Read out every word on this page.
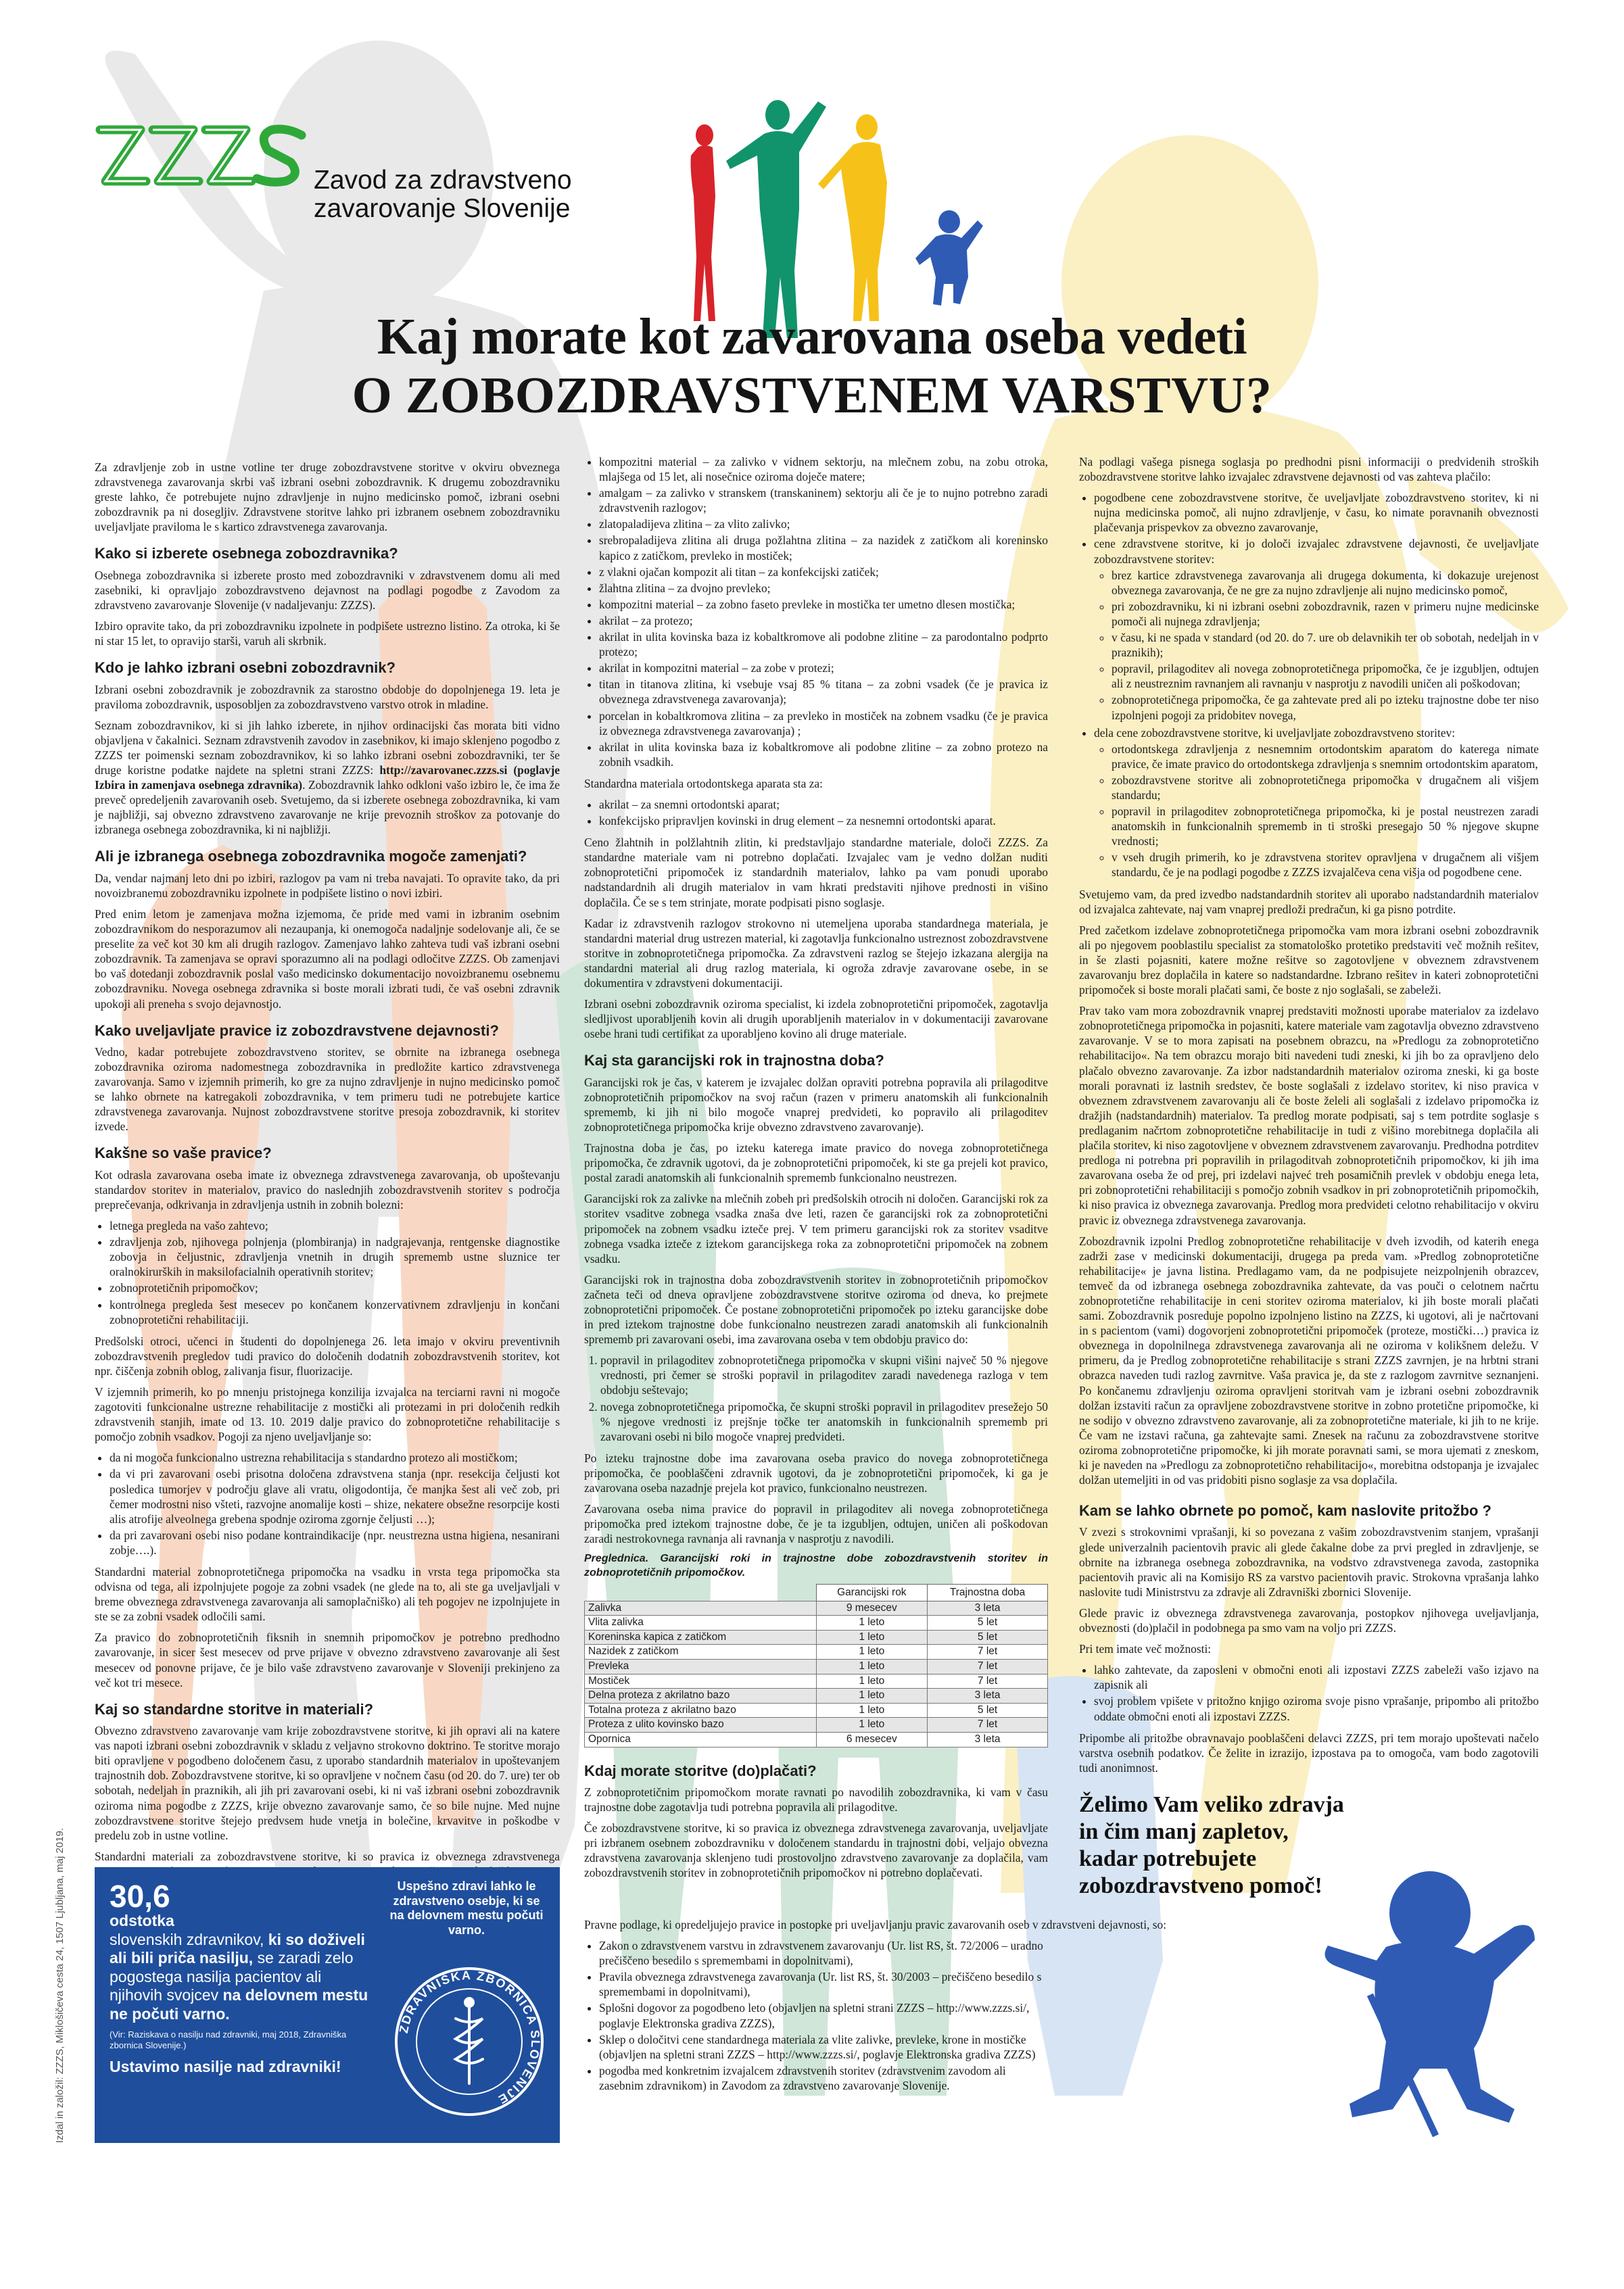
ZZZS
Zavod za zdravstveno
zavarovanje Slovenije
Kaj morate kot zavarovana oseba vedeti
O ZOBOZDRAVSTVENEM VARSTVU?

Za zdravljenje zob in ustne votline ter druge zobozdravstvene storitve v okviru obveznega zdravstvenega zavarovanja skrbi vaš izbrani osebni zobozdravnik. K drugemu zobozdravniku greste lahko, če potrebujete nujno zdravljenje in nujno medicinsko pomoč, izbrani osebni zobozdravnik pa ni dosegljiv. Zdravstvene storitve lahko pri izbranem osebnem zobozdravniku uveljavljate praviloma le s kartico zdravstvenega zavarovanja.

Kako si izberete osebnega zobozdravnika?

Osebnega zobozdravnika si izberete prosto med zobozdravniki v zdravstvenem domu ali med zasebniki, ki opravljajo zobozdravstveno dejavnost na podlagi pogodbe z Zavodom za zdravstveno zavarovanje Slovenije (v nadaljevanju: ZZZS).

Izbiro opravite tako, da pri zobozdravniku izpolnete in podpišete ustrezno listino. Za otroka, ki še ni star 15 let, to opravijo starši, varuh ali skrbnik.

Kdo je lahko izbrani osebni zobozdravnik?

Izbrani osebni zobozdravnik je zobozdravnik za starostno obdobje do dopolnjenega 19. leta je praviloma zobozdravnik, usposobljen za zobozdravstveno varstvo otrok in mladine.

Seznam zobozdravnikov, ki si jih lahko izberete, in njihov ordinacijski čas morata biti vidno objavljena v čakalnici. Seznam zdravstvenih zavodov in zasebnikov, ki imajo sklenjeno pogodbo z ZZZS ter poimenski seznam zobozdravnikov, ki so lahko izbrani osebni zobozdravniki, ter še druge koristne podatke najdete na spletni strani ZZZS: http://zavarovanec.zzzs.si (poglavje Izbira in zamenjava osebnega zdravnika). Zobozdravnik lahko odkloni vašo izbiro le, če ima že preveč opredeljenih zavarovanih oseb. Svetujemo, da si izberete osebnega zobozdravnika, ki vam je najbližji, saj obvezno zdravstveno zavarovanje ne krije prevoznih stroškov za potovanje do izbranega osebnega zobozdravnika, ki ni najbližji.

Ali je izbranega osebnega zobozdravnika mogoče zamenjati?

Da, vendar najmanj leto dni po izbiri, razlogov pa vam ni treba navajati. To opravite tako, da pri novoizbranemu zobozdravniku izpolnete in podpišete listino o novi izbiri.

Pred enim letom je zamenjava možna izjemoma, če pride med vami in izbranim osebnim zobozdravnikom do nesporazumov ali nezaupanja, ki onemogoča nadaljnje sodelovanje ali, če se preselite za več kot 30 km ali drugih razlogov. Zamenjavo lahko zahteva tudi vaš izbrani osebni zobozdravnik. Ta zamenjava se opravi sporazumno ali na podlagi odločitve ZZZS. Ob zamenjavi bo vaš dotedanji zobozdravnik poslal vašo medicinsko dokumentacijo novoizbranemu osebnemu zobozdravniku. Novega osebnega zdravnika si boste morali izbrati tudi, če vaš osebni zdravnik upokoji ali preneha s svojo dejavnostjo.

Kako uveljavljate pravice iz zobozdravstvene dejavnosti?

Vedno, kadar potrebujete zobozdravstveno storitev, se obrnite na izbranega osebnega zobozdravnika oziroma nadomestnega zobozdravnika in predložite kartico zdravstvenega zavarovanja. Samo v izjemnih primerih, ko gre za nujno zdravljenje in nujno medicinsko pomoč se lahko obrnete na katregakoli zobozdravnika, v tem primeru tudi ne potrebujete kartice zdravstvenega zavarovanja. Nujnost zobozdravstvene storitve presoja zobozdravnik, ki storitev izvede.

Kakšne so vaše pravice?

Kot odrasla zavarovana oseba imate iz obveznega zdravstvenega zavarovanja, ob upoštevanju standardov storitev in materialov, pravico do naslednjih zobozdravstvenih storitev s področja preprečevanja, odkrivanja in zdravljenja ustnih in zobnih bolezni:

• letnega pregleda na vašo zahtevo;
• zdravljenja zob, njihovega polnjenja (plombiranja) in nadgrajevanja, rentgenske diagnostike zobovja in čeljustnic, zdravljenja vnetnih in drugih sprememb ustne sluznice ter oralnokirurških in maksilofacialnih operativnih storitev;
• zobnoprotetičnih pripomočkov;
• kontrolnega pregleda šest mesecev po končanem konzervativnem zdravljenju in končani zobnoprotetični rehabilitaciji.

Predšolski otroci, učenci in študenti do dopolnjenega 26. leta imajo v okviru preventivnih zobozdravstvenih pregledov tudi pravico do določenih dodatnih zobozdravstvenih storitev, kot npr. čiščenja zobnih oblog, zalivanja fisur, fluorizacije.

V izjemnih primerih, ko po mnenju pristojnega konzilija izvajalca na terciarni ravni ni mogoče zagotoviti funkcionalne ustrezne rehabilitacije z mostički ali protezami in pri določenih redkih zdravstvenih stanjih, imate od 13. 10. 2019 dalje pravico do zobnoprotetične rehabilitacije s pomočjo zobnih vsadkov. Pogoji za njeno uveljavljanje so:

• da ni mogoča funkcionalno ustrezna rehabilitacija s standardno protezo ali mostičkom;
• da vi pri zavarovani osebi prisotna določena zdravstvena stanja (npr. resekcija čeljusti kot posledica tumorjev v področju glave ali vratu, oligodontija, če manjka šest ali več zob, pri čemer modrostni niso všteti, razvojne anomalije kosti – shize, nekatere obsežne resorpcije kosti alis atrofije alveolnega grebena spodnje oziroma zgornje čeljusti …);
• da pri zavarovani osebi niso podane kontraindikacije (npr. neustrezna ustna higiena, nesaniranі zobje….).

Standardni material zobnoprotetičnega pripomočka na vsadku in vrsta tega pripomočka sta odvisna od tega, ali izpolnjujete pogoje za zobni vsadek (ne glede na to, ali ste ga uveljavljali v breme obveznega zdravstvenega zavarovanja ali samoplačniško) ali teh pogojev ne izpolnjujete in ste se za zobni vsadek odločili sami.

Za pravico do zobnoprotetičnih fiksnih in snemnih pripomočkov je potrebno predhodno zavarovanje, in sicer šest mesecev od prve prijave v obvezno zdravstveno zavarovanje ali šest mesecev od ponovne prijave, če je bilo vaše zdravstveno zavarovanje v Sloveniji prekinjeno za več kot tri mesece.

Kaj so standardne storitve in materiali?

Obvezno zdravstveno zavarovanje vam krije zobozdravstvene storitve, ki jih opravi ali na katere vas napoti izbrani osebni zobozdravnik v skladu z veljavno strokovno doktrino. Te storitve morajo biti opravljene v pogodbeno določenem času, z uporabo standardnih materialov in upoštevanjem trajnostnih dob. Zobozdravstvene storitve, ki so opravljene v nočnem času (od 20. do 7. ure) ter ob sobotah, nedeljah in praznikih, ali jih pri zavarovani osebi, ki ni vaš izbrani osebni zobozdravnik oziroma nima pogodbe z ZZZS, krije obvezno zavarovanje samo, če so bile nujne. Med nujne zobozdravstvene storitve štejejo predvsem hude vnetja in bolečine, krvavitve in poškodbe v predelu zob in ustne votline.

Standardni materiali za zobozdravstvene storitve, ki so pravica iz obveznega zdravstvenega

• kompozitni material – za zalivko v vidnem sektorju, na mlečnem zobu, na zobu otroka, mlajšega od 15 let, ali nosečnice oziroma doječe matere;
• amalgam – za zalivko v stranskem (transkaninem) sektorju ali če je to nujno potrebno zaradi zdravstvenih razlogov;
• zlatopaladijeva zlitina – za vlito zalivko;
• srebropaladijeva zlitina ali druga požlahtna zlitina – za nazidek z zatičkom ali koreninsko kapico z zatičkom, prevleko in mostiček;
• z vlakni ojačan kompozit ali titan – za konfekcijski zatiček;
• žlahtna zlitina – za dvojno prevleko;
• kompozitni material – za zobno faseto prevleke in mostička ter umetno dlesen mostička;
• akrilat – za protezo;
• akrilat in ulita kovinska baza iz kobaltkromove ali podobne zlitine – za parodontalno podprto protezo;
• akrilat in kompozitni material – za zobe v protezi;
• titan in titanova zlitina, ki vsebuje vsaj 85 % titana – za zobni vsadek (če je pravica iz obveznega zdravstvenega zavarovanja);
• porcelan in kobaltkromova zlitina – za prevleko in mostiček na zobnem vsadku (če je pravica iz obveznega zdravstvenega zavarovanja) ;
• akrilat in ulita kovinska baza iz kobaltkromove ali podobne zlitine – za zobno protezo na zobnih vsadkih.

Standardna materiala ortodontskega aparata sta za:

• akrilat – za snemni ortodontski aparat;
• konfekcijsko pripravljen kovinski in drug element – za nesnemni ortodontski aparat.

Ceno žlahtnih in polžlahtnih zlitin, ki predstavljajo standardne materiale, določi ZZZS. Za standardne materiale vam ni potrebno doplačati. Izvajalec vam je vedno dolžan nuditi zobnoprotetični pripomoček iz standardnih materialov, lahko pa vam ponudi uporabo nadstandardnih ali drugih materialov in vam hkrati predstaviti njihove prednosti in višino doplačila. Če se s tem strinjate, morate podpisati pisno soglasje.

Kadar iz zdravstvenih razlogov strokovno ni utemeljena uporaba standardnega materiala, je standardni material drug ustrezen material, ki zagotavlja funkcionalno ustreznost zobozdravstvene storitve in zobnoprotetičnega pripomočka. Za zdravstveni razlog se štejejo izkazana alergija na standardni material ali drug razlog materiala, ki ogroža zdravje zavarovane osebe, in se dokumentira v zdravstveni dokumentaciji.

Izbrani osebni zobozdravnik oziroma specialist, ki izdela zobnoprotetični pripomoček, zagotavlja sledljivost uporabljenih kovin ali drugih uporabljenih materialov in v dokumentaciji zavarovane osebe hrani tudi certifikat za uporabljeno kovino ali druge materiale.

Kaj sta garancijski rok in trajnostna doba?

Garancijski rok je čas, v katerem je izvajalec dolžan opraviti potrebna popravila ali prilagoditve zobnoprotetičnih pripomočkov na svoj račun (razen v primeru anatomskih ali funkcionalnih sprememb, ki jih ni bilo mogoče vnaprej predvideti, ko popravilo ali prilagoditev zobnoprotetičnega pripomočka krije obvezno zdravstveno zavarovanje).

Trajnostna doba je čas, po izteku katerega imate pravico do novega zobnoprotetičnega pripomočka, če zdravnik ugotovi, da je zobnoprotetični pripomoček, ki ste ga prejeli kot pravico, postal zaradi anatomskih ali funkcionalnih sprememb funkcionalno neustrezen.

Garancijski rok za zalivke na mlečnih zobeh pri predšolskih otrocih ni določen. Garancijski rok za storitev vsaditve zobnega vsadka znaša dve leti, razen če garancijski rok za zobnoprotetični pripomoček na zobnem vsadku izteče prej. V tem primeru garancijski rok za storitev vsaditve zobnega vsadka izteče z iztekom garancijskega roka za zobnoprotetični pripomoček na zobnem vsadku.

Garancijski rok in trajnostna doba zobozdravstvenih storitev in zobnoprotetičnih pripomočkov začneta teči od dneva opravljene zobozdravstvene storitve oziroma od dneva, ko prejmete zobnoprotetični pripomoček. Če postane zobnoprotetični pripomoček po izteku garancijske dobe in pred iztekom trajnostne dobe funkcionalno neustrezen zaradi anatomskih ali funkcionalnih sprememb pri zavarovani osebi, ima zavarovana oseba v tem obdobju pravico do:

1. popravil in prilagoditev zobnoprotetičnega pripomočka v skupni višini največ 50 % njegove vrednosti, pri čemer se stroški popravil in prilagoditev zaradi navedenega razloga v tem obdobju seštevajo;
2. novega zobnoprotetičnega pripomočka, če skupni stroški popravil in prilagoditev presežejo 50 % njegove vrednosti iz prejšnje točke ter anatomskih in funkcionalnih sprememb pri zavarovani osebi ni bilo mogoče vnaprej predvideti.

Po izteku trajnostne dobe ima zavarovana oseba pravico do novega zobnoprotetičnega pripomočka, če pooblaščeni zdravnik ugotovi, da je zobnoprotetični pripomoček, ki ga je zavarovana oseba nazadnje prejela kot pravico, funkcionalno neustrezen.

Zavarovana oseba nima pravice do popravil in prilagoditev ali novega zobnoprotetičnega pripomočka pred iztekom trajnostne dobe, če je ta izgubljen, odtujen, uničen ali poškodovan zaradi nestrokovnega ravnanja ali ravnanja v nasprotju z navodili.

Preglednica. Garancijski roki in trajnostne dobe zobozdravstvenih storitev in zobnoprotetičnih pripomočkov.

	Garancijski rok	Trajnostna doba
Zalivka	9 mesecev	3 leta
Vlita zalivka	1 leto	5 let
Koreninska kapica z zatičkom	1 leto	5 let
Nazidek z zatičkom	1 leto	7 let
Prevleka	1 leto	7 let
Mostiček	1 leto	7 let
Delna proteza z akrilatno bazo	1 leto	3 leta
Totalna proteza z akrilatno bazo	1 leto	5 let
Proteza z ulito kovinsko bazo	1 leto	7 let
Opornica	6 mesecev	3 leta
Kdaj morate storitve (do)plačati?

Z zobnoprotetičnim pripomočkom morate ravnati po navodilih zobozdravnika, ki vam v času trajnostne dobe zagotavlja tudi potrebna popravila ali prilagoditve.

Če zobozdravstvene storitve, ki so pravica iz obveznega zdravstvenega zavarovanja, uveljavljate pri izbranem osebnem zobozdravniku v določenem standardu in trajnostni dobi, veljajo obvezna zdravstvena zavarovanja sklenjeno tudi prostovoljno zdravstveno zavarovanje za doplačila, vam zobozdravstvenih storitev in zobnoprotetičnih pripomočkov ni potrebno doplačevati.

Na podlagi vašega pisnega soglasja po predhodni pisni informaciji o predvidenih stroških zobozdravstvene storitve lahko izvajalec zdravstvene dejavnosti od vas zahteva plačilo:

• pogodbene cene zobozdravstvene storitve, če uveljavljate zobozdravstveno storitev, ki ni nujna medicinska pomoč, ali nujno zdravljenje, v času, ko nimate poravnanih obveznosti plačevanja prispevkov za obvezno zavarovanje,
• cene zdravstvene storitve, ki jo določi izvajalec zdravstvene dejavnosti, če uveljavljate zobozdravstvene storitev:
◦ brez kartice zdravstvenega zavarovanja ali drugega dokumenta, ki dokazuje urejenost obveznega zavarovanja, če ne gre za nujno zdravljenje ali nujno medicinsko pomoč,
◦ pri zobozdravniku, ki ni izbrani osebni zobozdravnik, razen v primeru nujne medicinske pomoči ali nujnega zdravljenja;
◦ v času, ki ne spada v standard (od 20. do 7. ure ob delavnikih ter ob sobotah, nedeljah in v praznikih);
◦ popravil, prilagoditev ali novega zobnoprotetičnega pripomočka, če je izgubljen, odtujen ali z neustreznim ravnanjem ali ravnanju v nasprotju z navodili uničen ali poškodovan;
◦ zobnoprotetičnega pripomočka, če ga zahtevate pred ali po izteku trajnostne dobe ter niso izpolnjeni pogoji za pridobitev novega,
• dela cene zobozdravstvene storitve, ki uveljavljate zobozdravstveno storitev:
◦ ortodontskega zdravljenja z nesnemnim ortodontskim aparatom do katerega nimate pravice, če imate pravico do ortodontskega zdravljenja s snemnim ortodontskim aparatom,
◦ zobozdravstvene storitve ali zobnoprotetičnega pripomočka v drugačnem ali višjem standardu;
◦ popravil in prilagoditev zobnoprotetičnega pripomočka, ki je postal neustrezen zaradi anatomskih in funkcionalnih sprememb in ti stroški presegajo 50 % njegove skupne vrednosti;
◦ v vseh drugih primerih, ko je zdravstvena storitev opravljena v drugačnem ali višjem standardu, če je na podlagi pogodbe z ZZZS izvajalčeva cena višja od pogodbene cene.

Svetujemo vam, da pred izvedbo nadstandardnih storitev ali uporabo nadstandardnih materialov od izvajalca zahtevate, naj vam vnaprej predloži predračun, ki ga pisno potrdite.

Pred začetkom izdelave zobnoprotetičnega pripomočka vam mora izbrani osebni zobozdravnik ali po njegovem pooblastilu specialist za stomatološko protetiko predstaviti več možnih rešitev, in še zlasti pojasniti, katere možne rešitve so zagotovljene v obveznem zdravstvenem zavarovanju brez doplačila in katere so nadstandardne. Izbrano rešitev in kateri zobnoprotetični pripomoček si boste morali plačati sami, če boste z njo soglašali, se zabeleži.

Prav tako vam mora zobozdravnik vnaprej predstaviti možnosti uporabe materialov za izdelavo zobnoprotetičnega pripomočka in pojasniti, katere materiale vam zagotavlja obvezno zdravstveno zavarovanje. V se to mora zapisati na posebnem obrazcu, na »Predlogu za zobnoprotetično rehabilitacijo«. Na tem obrazcu morajo biti navedeni tudi zneski, ki jih bo za opravljeno delo plačalo obvezno zavarovanje. Za izbor nadstandardnih materialov oziroma zneski, ki ga boste morali poravnati iz lastnih sredstev, če boste soglašali z izdelavo storitev, ki niso pravica v obveznem zdravstvenem zavarovanju ali če boste želeli ali soglašali z izdelavo pripomočka iz dražjih (nadstandardnih) materialov. Ta predlog morate podpisati, saj s tem potrdite soglasje s predlaganim načrtom zobnoprotetične rehabilitacije in tudi z višino morebitnega doplačila ali plačila storitev, ki niso zagotovljene v obveznem zdravstvenem zavarovanju. Predhodna potrditev predloga ni potrebna pri popravilih in prilagoditvah zobnoprotetičnih pripomočkov, ki jih ima zavarovana oseba že od prej, pri izdelavi najveć treh posamičnih prevlek v obdobju enega leta, pri zobnoprotetični rehabilitaciji s pomočjo zobnih vsadkov in pri zobnoprotetičnih pripomočkih, ki niso pravica iz obveznega zavarovanja. Predlog mora predvideti celotno rehabilitacijo v okviru pravic iz obveznega zdravstvenega zavarovanja.

Zobozdravnik izpolni Predlog zobnoprotetične rehabilitacije v dveh izvodih, od katerih enega zadrži zase v medicinski dokumentaciji, drugega pa preda vam. »Predlog zobnoprotetične rehabilitacije« je javna listina. Predlagamo vam, da ne podpisujete neizpolnjenih obrazcev, temveč da od izbranega osebnega zobozdravnika zahtevate, da vas pouči o celotnem načrtu zobnoprotetične rehabilitacije in ceni storitev oziroma materialov, ki jih boste morali plačati sami. Zobozdravnik posreduje popolno izpolnjeno listino na ZZZS, ki ugotovi, ali je načrtovani in s pacientom (vami) dogovorjeni zobnoprotetični pripomoček (proteze, mostički…) pravica iz obveznega in dopolnilnega zdravstvenega zavarovanja ali ne oziroma v kolikšnem deležu. V primeru, da je Predlog zobnoprotetične rehabilitacije s strani ZZZS zavrnjen, je na hrbtni strani obrazca naveden tudi razlog zavrnitve. Vaša pravica je, da ste z razlogom zavrnitve seznanjeni. Po končanemu zdravljenju oziroma opravljeni storitvah vam je izbrani osebni zobozdravnik dolžan izstaviti račun za opravljene zobozdravstvene storitve in zobno protetične pripomočke, ki ne sodijo v obvezno zdravstveno zavarovanje, ali za zobnoprotetične materiale, ki jih to ne krije. Če vam ne izstavi računa, ga zahtevajte sami. Znesek na računu za zobozdravstvene storitve oziroma zobnoprotetične pripomočke, ki jih morate poravnati sami, se mora ujemati z zneskom, ki je naveden na »Predlogu za zobnoprotetično rehabilitacijo«, morebitna odstopanja je izvajalec dolžan utemeljiti in od vas pridobiti pisno soglasje za vsa doplačila.

Kam se lahko obrnete po pomoč, kam naslovite pritožbo ?

V zvezi s strokovnimi vprašanji, ki so povezana z vašim zobozdravstvenim stanjem, vprašanji glede univerzalnih pacientovih pravic ali glede čakalne dobe za prvi pregled in zdravljenje, se obrnite na izbranega osebnega zobozdravnika, na vodstvo zdravstvenega zavoda, zastopnika pacientovih pravic ali na Komisijo RS za varstvo pacientovih pravic. Strokovna vprašanja lahko naslovite tudi Ministrstvu za zdravje ali Zdravniški zbornici Slovenije.

Glede pravic iz obveznega zdravstvenega zavarovanja, postopkov njihovega uveljavljanja, obveznosti (do)plačil in podobnega pa smo vam na voljo pri ZZZS.

Pri tem imate več možnosti:

• lahko zahtevate, da zaposleni v območni enoti ali izpostavi ZZZS zabeleži vašo izjavo na zapisnik ali
• svoj problem vpišete v pritožno knjigo oziroma svoje pisno vprašanje, pripombo ali pritožbo oddate območni enoti ali izpostavi ZZZS.

Pripombe ali pritožbe obravnavajo pooblaščeni delavci ZZZS, pri tem morajo upoštevati načelo varstva osebnih podatkov. Če želite in izrazijo, izpostava pa to omogoča, vam bodo zagotovili tudi anonimnost.

Želimo Vam veliko zdravja
in čim manj zapletov,
kadar potrebujete
zobozdravstveno pomoč!
30,6
odstotka
slovenskih zdravnikov, ki so doživeli ali bili priča nasilju, se zaradi zelo pogostega nasilja pacientov ali njihovih svojcev na delovnem mestu ne počuti varno.
(Vir: Raziskava o nasilju nad zdravniki, maj 2018, Zdravniška zbornica Slovenije.)
Ustavimo nasilje nad zdravniki!
Uspešno zdravi lahko le zdravstveno osebje, ki se na delovnem mestu počuti varno.
ZDRAVNIŠKA ZBORNICA SLOVENIJE
Izdal in založil: ZZZS, Miklošičeva cesta 24, 1507 Ljubljana, maj 2019.	Pravne podlage, ki opredeljujejo pravice in postopke pri uveljavljanju pravic zavarovanih oseb v zdravstveni dejavnosti, so:

• Zakon o zdravstvenem varstvu in zdravstvenem zavarovanju (Ur. list RS, št. 72/2006 – uradno prečiščeno besedilo s spremembami in dopolnitvami),
• Pravila obveznega zdravstvenega zavarovanja (Ur. list RS, št. 30/2003 – prečiščeno besedilo s spremembami in dopolnitvami),
• Splošni dogovor za pogodbeno leto (objavljen na spletni strani ZZZS – http://www.zzzs.si/, poglavje Elektronska gradiva ZZZS),
• Sklep o določitvi cene standardnega materiala za vlite zalivke, prevleke, krone in mostičke (objavljen na spletni strani ZZZS – http://www.zzzs.si/, poglavje Elektronska gradiva ZZZS)
• pogodba med konkretnim izvajalcem zdravstvenih storitev (zdravstvenim zavodom ali zasebnim zdravnikom) in Zavodom za zdravstveno zavarovanje Slovenije.
